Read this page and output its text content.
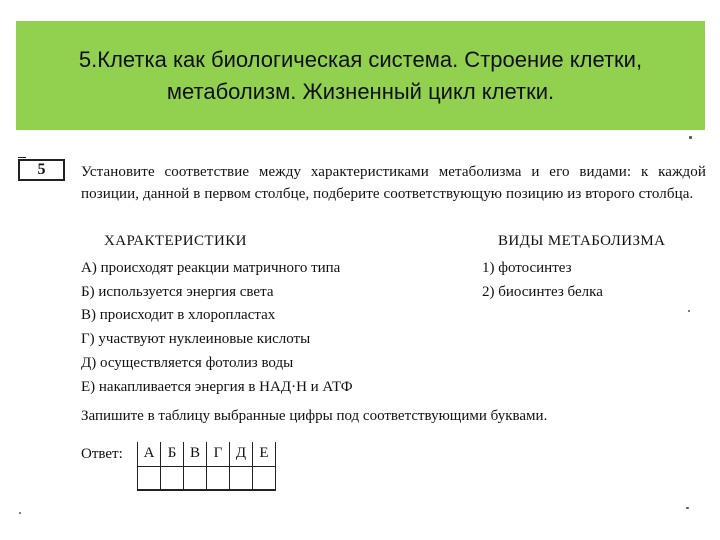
5.Клетка как биологическая система. Строение клетки,
метаболизм. Жизненный цикл клетки.
5	Установите соответствие между характеристиками метаболизма и его видами: к каждой позиции, данной в первом столбце, подберите соответствующую позицию из второго столбца.
ХАРАКТЕРИСТИКИ	ВИДЫ МЕТАБОЛИЗМА
А) происходят реакции матричного типа
Б) используется энергия света
В) происходит в хлоропластах
Г) участвуют нуклеиновые кислоты
Д) осуществляется фотолиз воды
Е) накапливается энергия в НАД·Н и АТФ
1) фотосинтез
2) биосинтез белка
Запишите в таблицу выбранные цифры под соответствующими буквами.
Ответ: А	Б	В	Г	Д	Е
